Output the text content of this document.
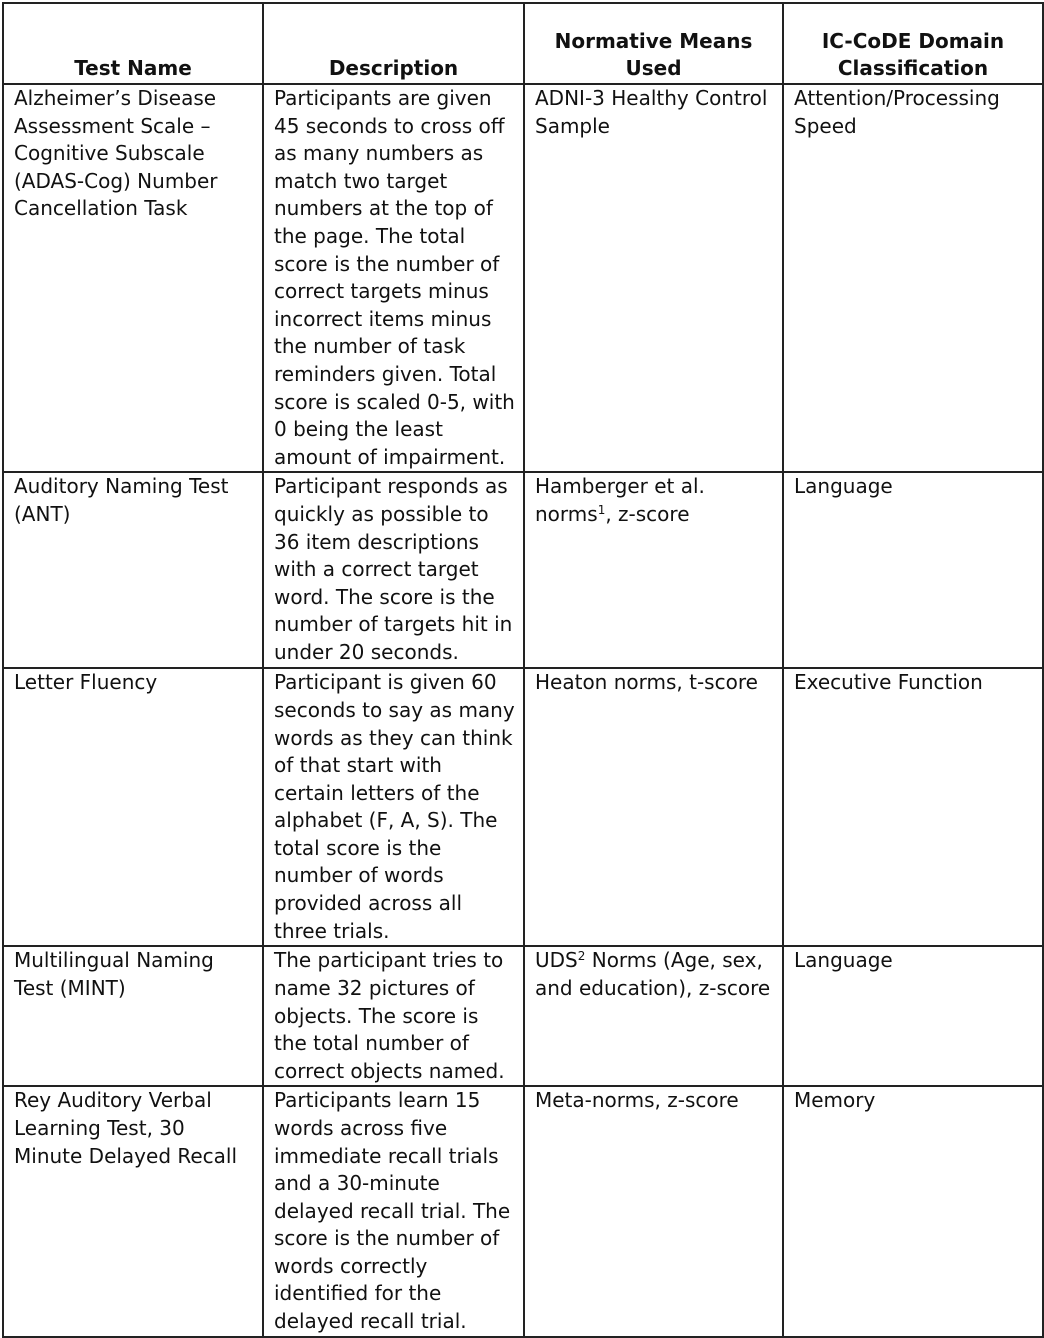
Test Name	Description	Normative Means Used	IC-CoDE Domain Classification
Alzheimer’s Disease Assessment Scale – Cognitive Subscale (ADAS-Cog) Number Cancellation Task	Participants are given 45 seconds to cross off as many numbers as match two target numbers at the top of the page. The total score is the number of correct targets minus incorrect items minus the number of task reminders given. Total score is scaled 0-5, with 0 being the least amount of impairment.	ADNI-3 Healthy Control Sample	Attention/Processing Speed
Auditory Naming Test (ANT)	Participant responds as quickly as possible to 36 item descriptions with a correct target word. The score is the number of targets hit in under 20 seconds.	Hamberger et al. norms$^1$, z-score	Language
Letter Fluency	Participant is given 60 seconds to say as many words as they can think of that start with certain letters of the alphabet (F, A, S). The total score is the number of words provided across all three trials.	Heaton norms, t-score	Executive Function
Multilingual Naming Test (MINT)	The participant tries to name 32 pictures of objects. The score is the total number of correct objects named.	UDS$^2$ Norms (Age, sex, and education), z-score	Language
Rey Auditory Verbal Learning Test, 30 Minute Delayed Recall	Participants learn 15 words across five immediate recall trials and a 30-minute delayed recall trial. The score is the number of words correctly identified for the delayed recall trial.	Meta-norms, z-score	Memory
